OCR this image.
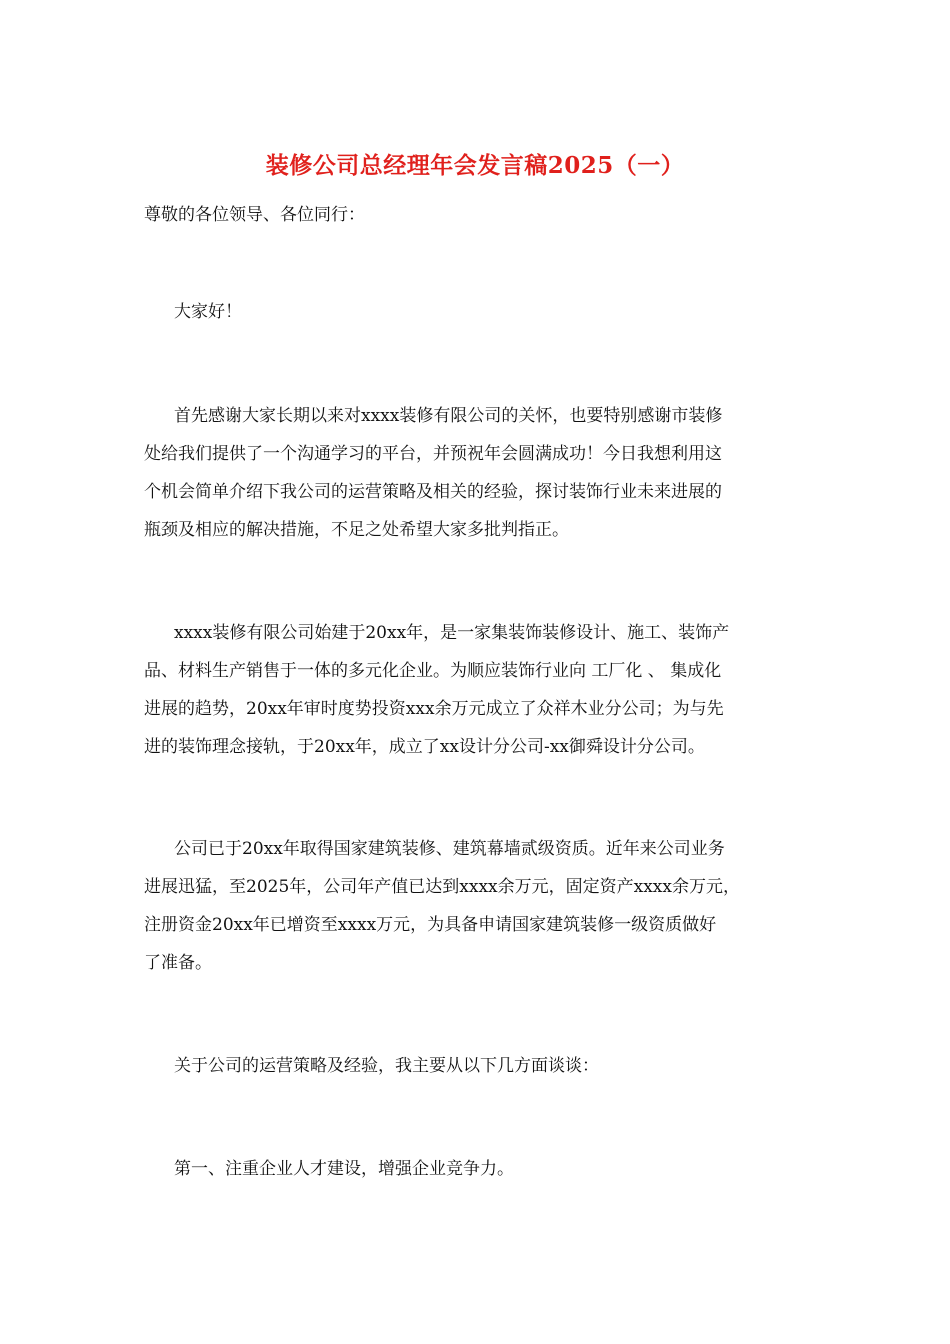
装修公司总经理年会发言稿2025（一）

尊敬的各位领导、各位同行：

大家好！

首先感谢大家长期以来对xxxx装修有限公司的关怀，也要特别感谢市装修
处给我们提供了一个沟通学习的平台，并预祝年会圆满成功！今日我想利用这
个机会简单介绍下我公司的运营策略及相关的经验，探讨装饰行业未来进展的
瓶颈及相应的解决措施，不足之处希望大家多批判指正。

xxxx装修有限公司始建于20xx年，是一家集装饰装修设计、施工、装饰产
品、材料生产销售于一体的多元化企业。为顺应装饰行业向 工厂化 、 集成化
进展的趋势，20xx年审时度势投资xxx余万元成立了众祥木业分公司；为与先
进的装饰理念接轨，于20xx年，成立了xx设计分公司-xx御舜设计分公司。

公司已于20xx年取得国家建筑装修、建筑幕墙贰级资质。近年来公司业务
进展迅猛，至2025年，公司年产值已达到xxxx余万元，固定资产xxxx余万元，
注册资金20xx年已增资至xxxx万元，为具备申请国家建筑装修一级资质做好
了准备。

关于公司的运营策略及经验，我主要从以下几方面谈谈：

第一、注重企业人才建设，增强企业竞争力。
